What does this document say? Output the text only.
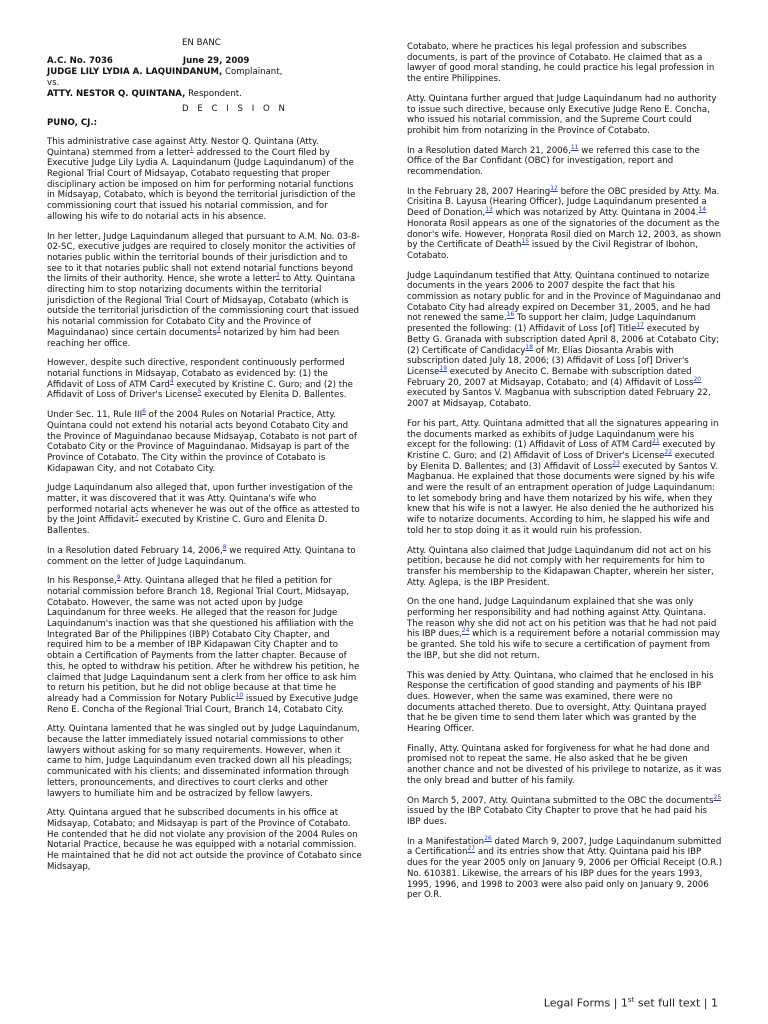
EN BANC

A.C. No. 7036	June 29, 2009

JUDGE LILY LYDIA A. LAQUINDANUM, Complainant,

vs.

ATTY. NESTOR Q. QUINTANA, Respondent.

D E C I S I O N

PUNO, CJ.:

This administrative case against Atty. Nestor Q. Quintana (Atty. Quintana) stemmed from a letter$^1$ addressed to the Court filed by Executive Judge Lily Lydia A. Laquindanum (Judge Laquindanum) of the Regional Trial Court of Midsayap, Cotabato requesting that proper disciplinary action be imposed on him for performing notarial functions in Midsayap, Cotabato, which is beyond the territorial jurisdiction of the commissioning court that issued his notarial commission, and for allowing his wife to do notarial acts in his absence.

In her letter, Judge Laquindanum alleged that pursuant to A.M. No. 03-8-02-SC, executive judges are required to closely monitor the activities of notaries public within the territorial bounds of their jurisdiction and to see to it that notaries public shall not extend notarial functions beyond the limits of their authority. Hence, she wrote a letter$^2$ to Atty. Quintana directing him to stop notarizing documents within the territorial jurisdiction of the Regional Trial Court of Midsayap, Cotabato (which is outside the territorial jurisdiction of the commissioning court that issued his notarial commission for Cotabato City and the Province of Maguindanao) since certain documents$^3$ notarized by him had been reaching her office.

However, despite such directive, respondent continuously performed notarial functions in Midsayap, Cotabato as evidenced by: (1) the Affidavit of Loss of ATM Card$^4$ executed by Kristine C. Guro; and (2) the Affidavit of Loss of Driver's License$^5$ executed by Elenita D. Ballentes.

Under Sec. 11, Rule III$^6$ of the 2004 Rules on Notarial Practice, Atty. Quintana could not extend his notarial acts beyond Cotabato City and the Province of Maguindanao because Midsayap, Cotabato is not part of Cotabato City or the Province of Maguindanao. Midsayap is part of the Province of Cotabato. The City within the province of Cotabato is Kidapawan City, and not Cotabato City.

Judge Laquindanum also alleged that, upon further investigation of the matter, it was discovered that it was Atty. Quintana's wife who performed notarial acts whenever he was out of the office as attested to by the Joint Affidavit$^7$ executed by Kristine C. Guro and Elenita D. Ballentes.

In a Resolution dated February 14, 2006,$^8$ we required Atty. Quintana to comment on the letter of Judge Laquindanum.

In his Response,$^9$ Atty. Quintana alleged that he filed a petition for notarial commission before Branch 18, Regional Trial Court, Midsayap, Cotabato. However, the same was not acted upon by Judge Laquindanum for three weeks. He alleged that the reason for Judge Laquindanum's inaction was that she questioned his affiliation with the Integrated Bar of the Philippines (IBP) Cotabato City Chapter, and required him to be a member of IBP Kidapawan City Chapter and to obtain a Certification of Payments from the latter chapter. Because of this, he opted to withdraw his petition. After he withdrew his petition, he claimed that Judge Laquindanum sent a clerk from her office to ask him to return his petition, but he did not oblige because at that time he already had a Commission for Notary Public$^{10}$ issued by Executive Judge Reno E. Concha of the Regional Trial Court, Branch 14, Cotabato City.

Atty. Quintana lamented that he was singled out by Judge Laquindanum, because the latter immediately issued notarial commissions to other lawyers without asking for so many requirements. However, when it came to him, Judge Laquindanum even tracked down all his pleadings; communicated with his clients; and disseminated information through letters, pronouncements, and directives to court clerks and other lawyers to humiliate him and be ostracized by fellow lawyers.

Atty. Quintana argued that he subscribed documents in his office at Midsayap, Cotabato; and Midsayap is part of the Province of Cotabato. He contended that he did not violate any provision of the 2004 Rules on Notarial Practice, because he was equipped with a notarial commission. He maintained that he did not act outside the province of Cotabato since Midsayap,

Cotabato, where he practices his legal profession and subscribes documents, is part of the province of Cotabato. He claimed that as a lawyer of good moral standing, he could practice his legal profession in the entire Philippines.

Atty. Quintana further argued that Judge Laquindanum had no authority to issue such directive, because only Executive Judge Reno E. Concha, who issued his notarial commission, and the Supreme Court could prohibit him from notarizing in the Province of Cotabato.

In a Resolution dated March 21, 2006,11 we referred this case to the Office of the Bar Confidant (OBC) for investigation, report and recommendation.

In the February 28, 2007 Hearing$^{12}$ before the OBC presided by Atty. Ma. Crisitina B. Layusa (Hearing Officer), Judge Laquindanum presented a Deed of Donation,$^{13}$ which was notarized by Atty. Quintana in 2004.14 Honorata Rosil appears as one of the signatories of the document as the donor's wife. However, Honorata Rosil died on March 12, 2003, as shown by the Certificate of Death$^{15}$ issued by the Civil Registrar of Ibohon, Cotabato.

Judge Laquindanum testified that Atty. Quintana continued to notarize documents in the years 2006 to 2007 despite the fact that his commission as notary public for and in the Province of Maguindanao and Cotabato City had already expired on December 31, 2005, and he had not renewed the same.$^{16}$ To support her claim, Judge Laquindanum presented the following: (1) Affidavit of Loss [of] Title$^{17}$ executed by Betty G. Granada with subscription dated April 8, 2006 at Cotabato City; (2) Certificate of Candidacy$^{18}$ of Mr. Elias Diosanta Arabis with subscription dated July 18, 2006; (3) Affidavit of Loss [of] Driver's License$^{19}$ executed by Anecito C. Bernabe with subscription dated February 20, 2007 at Midsayap, Cotabato; and (4) Affidavit of Loss$^{20}$ executed by Santos V. Magbanua with subscription dated February 22, 2007 at Midsayap, Cotabato.

For his part, Atty. Quintana admitted that all the signatures appearing in the documents marked as exhibits of Judge Laquindanum were his except for the following: (1) Affidavit of Loss of ATM Card$^{21}$ executed by Kristine C. Guro; and (2) Affidavit of Loss of Driver's License$^{22}$ executed by Elenita D. Ballentes; and (3) Affidavit of Loss$^{23}$ executed by Santos V. Magbanua. He explained that those documents were signed by his wife and were the result of an entrapment operation of Judge Laquindanum: to let somebody bring and have them notarized by his wife, when they knew that his wife is not a lawyer. He also denied the he authorized his wife to notarize documents. According to him, he slapped his wife and told her to stop doing it as it would ruin his profession.

Atty. Quintana also claimed that Judge Laquindanum did not act on his petition, because he did not comply with her requirements for him to transfer his membership to the Kidapawan Chapter, wherein her sister, Atty. Aglepa, is the IBP President.

On the one hand, Judge Laquindanum explained that she was only performing her responsibility and had nothing against Atty. Quintana. The reason why she did not act on his petition was that he had not paid his IBP dues,$^{24}$ which is a requirement before a notarial commission may be granted. She told his wife to secure a certification of payment from the IBP, but she did not return.

This was denied by Atty. Quintana, who claimed that he enclosed in his Response the certification of good standing and payments of his IBP dues. However, when the same was examined, there were no documents attached thereto. Due to oversight, Atty. Quintana prayed that he be given time to send them later which was granted by the Hearing Officer.

Finally, Atty. Quintana asked for forgiveness for what he had done and promised not to repeat the same. He also asked that he be given another chance and not be divested of his privilege to notarize, as it was the only bread and butter of his family.

On March 5, 2007, Atty. Quintana submitted to the OBC the documents$^{25}$ issued by the IBP Cotabato City Chapter to prove that he had paid his IBP dues.

In a Manifestation$^{26}$ dated March 9, 2007, Judge Laquindanum submitted a Certification$^{27}$ and its entries show that Atty. Quintana paid his IBP dues for the year 2005 only on January 9, 2006 per Official Receipt (O.R.) No. 610381. Likewise, the arrears of his IBP dues for the years 1993, 1995, 1996, and 1998 to 2003 were also paid only on January 9, 2006 per O.R.

Legal Forms | 1st set full text | 1
